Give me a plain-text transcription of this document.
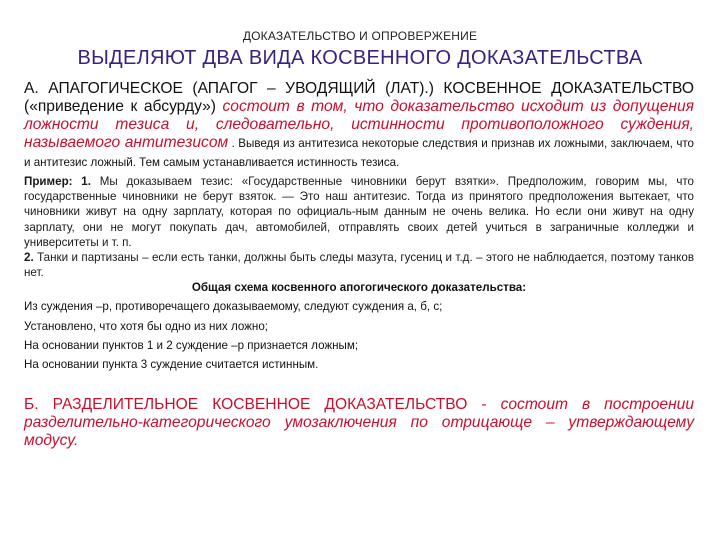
ДОКАЗАТЕЛЬСТВО И ОПРОВЕРЖЕНИЕ
ВЫДЕЛЯЮТ ДВА ВИДА КОСВЕННОГО ДОКАЗАТЕЛЬСТВА

А. АПАГОГИЧЕСКОЕ (АПАГОГ – УВОДЯЩИЙ (ЛАТ).) КОСВЕННОЕ ДОКАЗАТЕЛЬСТВО («приведение к абсурду») состоит в том, что доказательство исходит из допущения ложности тезиса и, следовательно, истинности противоположного суждения, называемого антитезисом . Выведя из антитезиса некоторые следствия и признав их ложными, заключаем, что и антитезис ложный. Тем самым устанавливается истинность тезиса.

Пример: 1. Мы доказываем тезис: «Государственные чиновники берут взятки». Предположим, говорим мы, что государственные чиновники не берут взяток. — Это наш антитезис. Тогда из принятого предположения вытекает, что чиновники живут на одну зарплату, которая по официаль-ным данным не очень велика. Но если они живут на одну зарплату, они не могут покупать дач, автомобилей, отправлять своих детей учиться в заграничные колледжи и университеты и т. п.

2. Танки и партизаны – если есть танки, должны быть следы мазута, гусениц и т.д. – этого не наблюдается, поэтому танков нет.

Общая схема косвенного апогогического доказательства:
Из суждения –р, противоречащего доказываемому, следуют суждения а, б, с;
Установлено, что хотя бы одно из них ложно;
На основании пунктов 1 и 2 суждение –р признается ложным;
На основании пункта 3 суждение считается истинным.

Б. РАЗДЕЛИТЕЛЬНОЕ КОСВЕННОЕ ДОКАЗАТЕЛЬСТВО - состоит в построении разделительно-категорического умозаключения по отрицающе – утверждающему модусу.
